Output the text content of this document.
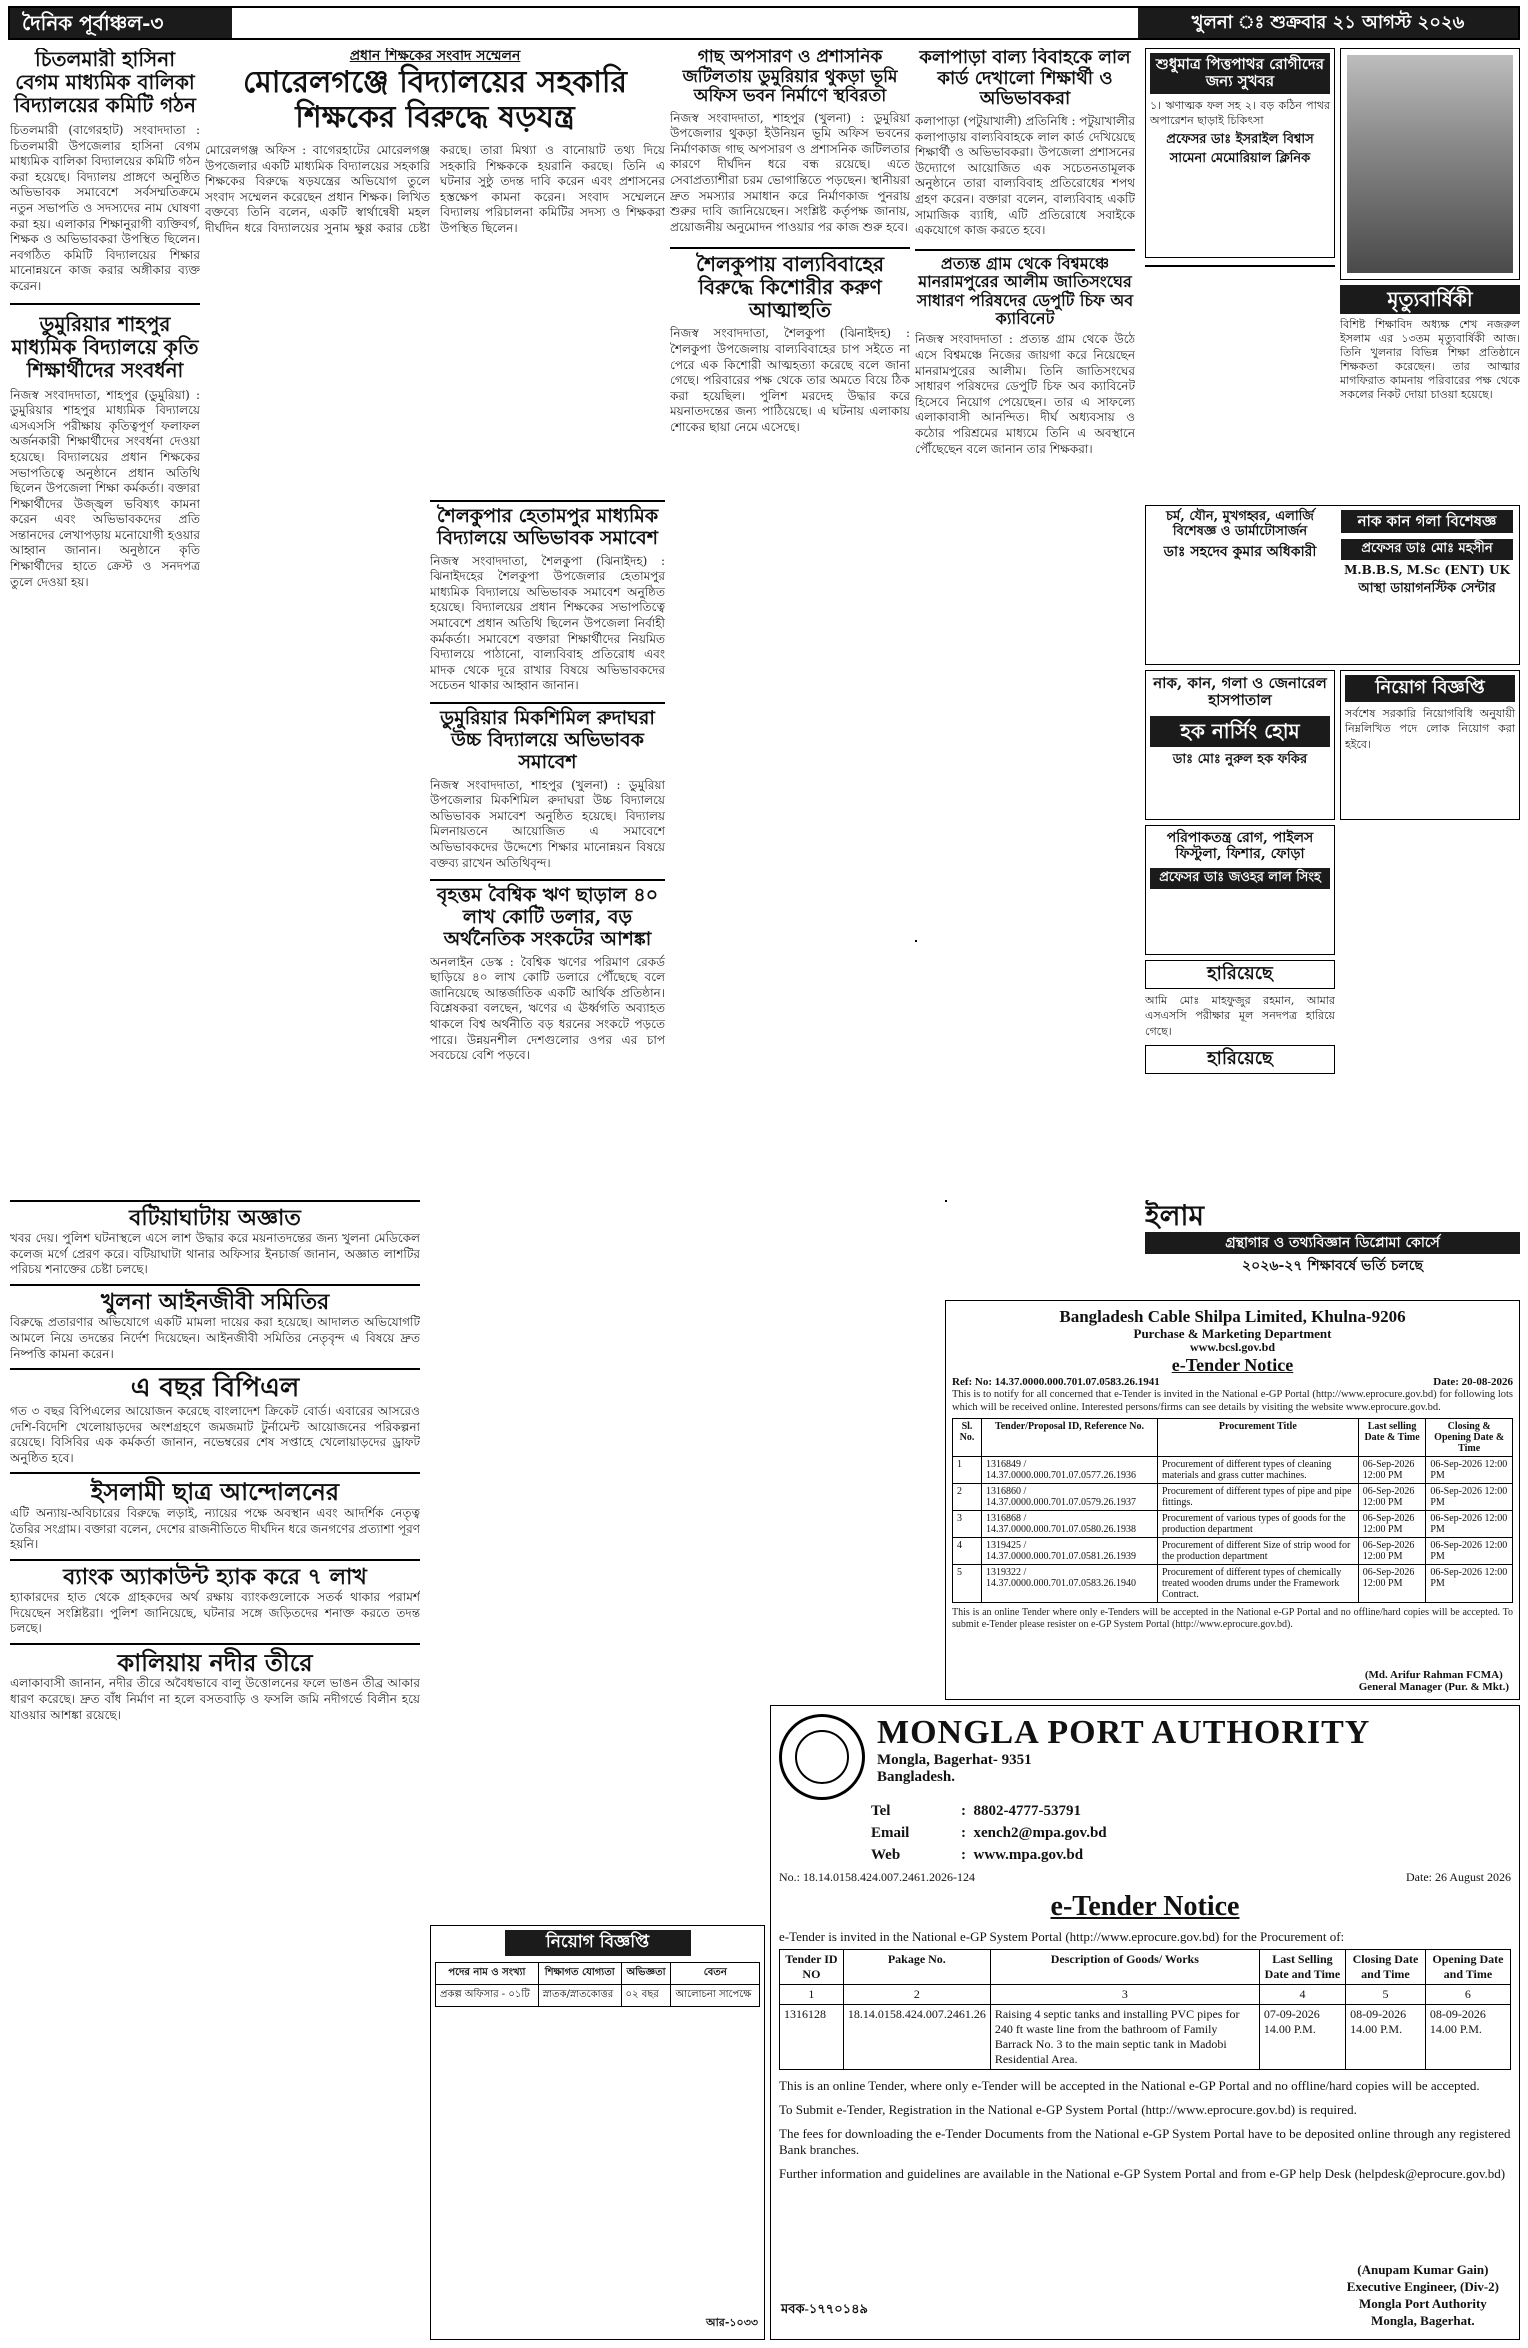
দৈনিক পূর্বাঞ্চল-৩	খুলনা ঃ শুক্রবার ২১ আগস্ট ২০২৬
চিতলমারী হাসিনা বেগম মাধ্যমিক বালিকা বিদ্যালয়ের কমিটি গঠন
চিতলমারী (বাগেরহাট) সংবাদদাতা : চিতলমারী উপজেলার হাসিনা বেগম মাধ্যমিক বালিকা বিদ্যালয়ের কমিটি গঠন করা হয়েছে। বিদ্যালয় প্রাঙ্গণে অনুষ্ঠিত অভিভাবক সমাবেশে সর্বসম্মতিক্রমে নতুন সভাপতি ও সদস্যদের নাম ঘোষণা করা হয়। এলাকার শিক্ষানুরাগী ব্যক্তিবর্গ, শিক্ষক ও অভিভাবকরা উপস্থিত ছিলেন। নবগঠিত কমিটি বিদ্যালয়ের শিক্ষার মানোন্নয়নে কাজ করার অঙ্গীকার ব্যক্ত করেন।
ডুমুরিয়ার শাহপুর মাধ্যমিক বিদ্যালয়ে কৃতি শিক্ষার্থীদের সংবর্ধনা
নিজস্ব সংবাদদাতা, শাহপুর (ডুমুরিয়া) : ডুমুরিয়ার শাহপুর মাধ্যমিক বিদ্যালয়ে এসএসসি পরীক্ষায় কৃতিত্বপূর্ণ ফলাফল অর্জনকারী শিক্ষার্থীদের সংবর্ধনা দেওয়া হয়েছে। বিদ্যালয়ের প্রধান শিক্ষকের সভাপতিত্বে অনুষ্ঠানে প্রধান অতিথি ছিলেন উপজেলা শিক্ষা কর্মকর্তা। বক্তারা শিক্ষার্থীদের উজ্জ্বল ভবিষ্যৎ কামনা করেন এবং অভিভাবকদের প্রতি সন্তানদের লেখাপড়ায় মনোযোগী হওয়ার আহ্বান জানান। অনুষ্ঠানে কৃতি শিক্ষার্থীদের হাতে ক্রেস্ট ও সনদপত্র তুলে দেওয়া হয়।
বটিয়াঘাটায় অজ্ঞাত
খবর দেয়। পুলিশ ঘটনাস্থলে এসে লাশ উদ্ধার করে ময়নাতদন্তের জন্য খুলনা মেডিকেল কলেজ মর্গে প্রেরণ করে। বটিয়াঘাটা থানার অফিসার ইনচার্জ জানান, অজ্ঞাত লাশটির পরিচয় শনাক্তের চেষ্টা চলছে।
খুলনা আইনজীবী সমিতির
বিরুদ্ধে প্রতারণার অভিযোগে একটি মামলা দায়ের করা হয়েছে। আদালত অভিযোগটি আমলে নিয়ে তদন্তের নির্দেশ দিয়েছেন। আইনজীবী সমিতির নেতৃবৃন্দ এ বিষয়ে দ্রুত নিষ্পত্তি কামনা করেন।
এ বছর বিপিএল
গত ৩ বছর বিপিএলের আয়োজন করেছে বাংলাদেশ ক্রিকেট বোর্ড। এবারের আসরেও দেশি-বিদেশি খেলোয়াড়দের অংশগ্রহণে জমজমাট টুর্নামেন্ট আয়োজনের পরিকল্পনা রয়েছে। বিসিবির এক কর্মকর্তা জানান, নভেম্বরের শেষ সপ্তাহে খেলোয়াড়দের ড্রাফট অনুষ্ঠিত হবে।
ইসলামী ছাত্র আন্দোলনের
এটি অন্যায়-অবিচারের বিরুদ্ধে লড়াই, ন্যায়ের পক্ষে অবস্থান এবং আদর্শিক নেতৃত্ব তৈরির সংগ্রাম। বক্তারা বলেন, দেশের রাজনীতিতে দীর্ঘদিন ধরে জনগণের প্রত্যাশা পূরণ হয়নি।
ব্যাংক অ্যাকাউন্ট হ্যাক করে ৭ লাখ
হ্যাকারদের হাত থেকে গ্রাহকদের অর্থ রক্ষায় ব্যাংকগুলোকে সতর্ক থাকার পরামর্শ দিয়েছেন সংশ্লিষ্টরা। পুলিশ জানিয়েছে, ঘটনার সঙ্গে জড়িতদের শনাক্ত করতে তদন্ত চলছে।
কালিয়ায় নদীর তীরে
এলাকাবাসী জানান, নদীর তীরে অবৈধভাবে বালু উত্তোলনের ফলে ভাঙন তীব্র আকার ধারণ করেছে। দ্রুত বাঁধ নির্মাণ না হলে বসতবাড়ি ও ফসলি জমি নদীগর্ভে বিলীন হয়ে যাওয়ার আশঙ্কা রয়েছে।
প্রধান শিক্ষকের সংবাদ সম্মেলন
মোরেলগঞ্জে বিদ্যালয়ের সহকারি শিক্ষকের বিরুদ্ধে ষড়যন্ত্র
মোরেলগঞ্জ অফিস : বাগেরহাটের মোরেলগঞ্জ উপজেলার একটি মাধ্যমিক বিদ্যালয়ের সহকারি শিক্ষকের বিরুদ্ধে ষড়যন্ত্রের অভিযোগ তুলে সংবাদ সম্মেলন করেছেন প্রধান শিক্ষক। লিখিত বক্তব্যে তিনি বলেন, একটি স্বার্থান্বেষী মহল দীর্ঘদিন ধরে বিদ্যালয়ের সুনাম ক্ষুণ্ণ করার চেষ্টা করছে। তারা মিথ্যা ও বানোয়াট তথ্য দিয়ে সহকারি শিক্ষককে হয়রানি করছে। তিনি এ ঘটনার সুষ্ঠু তদন্ত দাবি করেন এবং প্রশাসনের হস্তক্ষেপ কামনা করেন। সংবাদ সম্মেলনে বিদ্যালয় পরিচালনা কমিটির সদস্য ও শিক্ষকরা উপস্থিত ছিলেন।
শৈলকুপার হেতামপুর মাধ্যমিক বিদ্যালয়ে অভিভাবক সমাবেশ
নিজস্ব সংবাদদাতা, শৈলকুপা (ঝিনাইদহ) : ঝিনাইদহের শৈলকুপা উপজেলার হেতামপুর মাধ্যমিক বিদ্যালয়ে অভিভাবক সমাবেশ অনুষ্ঠিত হয়েছে। বিদ্যালয়ের প্রধান শিক্ষকের সভাপতিত্বে সমাবেশে প্রধান অতিথি ছিলেন উপজেলা নির্বাহী কর্মকর্তা। সমাবেশে বক্তারা শিক্ষার্থীদের নিয়মিত বিদ্যালয়ে পাঠানো, বাল্যবিবাহ প্রতিরোধ এবং মাদক থেকে দূরে রাখার বিষয়ে অভিভাবকদের সচেতন থাকার আহ্বান জানান।
ডুমুরিয়ার মিকশিমিল রুদাঘরা উচ্চ বিদ্যালয়ে অভিভাবক সমাবেশ
নিজস্ব সংবাদদাতা, শাহপুর (খুলনা) : ডুমুরিয়া উপজেলার মিকশিমিল রুদাঘরা উচ্চ বিদ্যালয়ে অভিভাবক সমাবেশ অনুষ্ঠিত হয়েছে। বিদ্যালয় মিলনায়তনে আয়োজিত এ সমাবেশে অভিভাবকদের উদ্দেশ্যে শিক্ষার মানোন্নয়ন বিষয়ে বক্তব্য রাখেন অতিথিবৃন্দ।
বৃহত্তম বৈশ্বিক ঋণ ছাড়াল ৪০ লাখ কোটি ডলার, বড় অর্থনৈতিক সংকটের আশঙ্কা
অনলাইন ডেস্ক : বৈশ্বিক ঋণের পরিমাণ রেকর্ড ছাড়িয়ে ৪০ লাখ কোটি ডলারে পৌঁছেছে বলে জানিয়েছে আন্তর্জাতিক একটি আর্থিক প্রতিষ্ঠান। বিশ্লেষকরা বলছেন, ঋণের এ ঊর্ধ্বগতি অব্যাহত থাকলে বিশ্ব অর্থনীতি বড় ধরনের সংকটে পড়তে পারে। উন্নয়নশীল দেশগুলোর ওপর এর চাপ সবচেয়ে বেশি পড়বে।
গাছ অপসারণ ও প্রশাসনিক জটিলতায় ডুমুরিয়ার থুকড়া ভূমি অফিস ভবন নির্মাণে স্থবিরতা
নিজস্ব সংবাদদাতা, শাহপুর (খুলনা) : ডুমুরিয়া উপজেলার থুকড়া ইউনিয়ন ভূমি অফিস ভবনের নির্মাণকাজ গাছ অপসারণ ও প্রশাসনিক জটিলতার কারণে দীর্ঘদিন ধরে বন্ধ রয়েছে। এতে সেবাপ্রত্যাশীরা চরম ভোগান্তিতে পড়ছেন। স্থানীয়রা দ্রুত সমস্যার সমাধান করে নির্মাণকাজ পুনরায় শুরুর দাবি জানিয়েছেন। সংশ্লিষ্ট কর্তৃপক্ষ জানায়, প্রয়োজনীয় অনুমোদন পাওয়ার পর কাজ শুরু হবে।
শৈলকুপায় বাল্যবিবাহের বিরুদ্ধে কিশোরীর করুণ আত্মাহুতি
নিজস্ব সংবাদদাতা, শৈলকুপা (ঝিনাইদহ) : শৈলকুপা উপজেলায় বাল্যবিবাহের চাপ সইতে না পেরে এক কিশোরী আত্মহত্যা করেছে বলে জানা গেছে। পরিবারের পক্ষ থেকে তার অমতে বিয়ে ঠিক করা হয়েছিল। পুলিশ মরদেহ উদ্ধার করে ময়নাতদন্তের জন্য পাঠিয়েছে। এ ঘটনায় এলাকায় শোকের ছায়া নেমে এসেছে।
কলাপাড়া বাল্য বিবাহকে লাল কার্ড দেখালো শিক্ষার্থী ও অভিভাবকরা
কলাপাড়া (পটুয়াখালী) প্রতিনিধি : পটুয়াখালীর কলাপাড়ায় বাল্যবিবাহকে লাল কার্ড দেখিয়েছে শিক্ষার্থী ও অভিভাবকরা। উপজেলা প্রশাসনের উদ্যোগে আয়োজিত এক সচেতনতামূলক অনুষ্ঠানে তারা বাল্যবিবাহ প্রতিরোধের শপথ গ্রহণ করেন। বক্তারা বলেন, বাল্যবিবাহ একটি সামাজিক ব্যাধি, এটি প্রতিরোধে সবাইকে একযোগে কাজ করতে হবে।
প্রত্যন্ত গ্রাম থেকে বিশ্বমঞ্চে মানরামপুরের আলীম জাতিসংঘের সাধারণ পরিষদের ডেপুটি চিফ অব ক্যাবিনেট
নিজস্ব সংবাদদাতা : প্রত্যন্ত গ্রাম থেকে উঠে এসে বিশ্বমঞ্চে নিজের জায়গা করে নিয়েছেন মানরামপুরের আলীম। তিনি জাতিসংঘের সাধারণ পরিষদের ডেপুটি চিফ অব ক্যাবিনেট হিসেবে নিয়োগ পেয়েছেন। তার এ সাফল্যে এলাকাবাসী আনন্দিত। দীর্ঘ অধ্যবসায় ও কঠোর পরিশ্রমের মাধ্যমে তিনি এ অবস্থানে পৌঁছেছেন বলে জানান তার শিক্ষকরা।
শুধুমাত্র পিত্তপাথর রোগীদের জন্য সুখবর
১। ঋণাত্মক ফল সহ ২। বড় কঠিন পাথর অপারেশন ছাড়াই চিকিৎসা
প্রফেসর ডাঃ ইসরাইল বিশ্বাস
সামেনা মেমোরিয়াল ক্লিনিক
মৃত্যুবার্ষিকী
বিশিষ্ট শিক্ষাবিদ অধ্যক্ষ শেখ নজরুল ইসলাম এর ১৩তম মৃত্যুবার্ষিকী আজ। তিনি খুলনার বিভিন্ন শিক্ষা প্রতিষ্ঠানে শিক্ষকতা করেছেন। তার আত্মার মাগফিরাত কামনায় পরিবারের পক্ষ থেকে সকলের নিকট দোয়া চাওয়া হয়েছে।
চর্ম, যৌন, মুখগহ্বর, এলার্জি বিশেষজ্ঞ ও ডার্মাটোসার্জন
ডাঃ সহদেব কুমার অধিকারী
নাক কান গলা বিশেষজ্ঞ
প্রফেসর ডাঃ মোঃ মহসীন
M.B.B.S, M.Sc (ENT) UK
আস্থা ডায়াগনস্টিক সেন্টার
নাক, কান, গলা ও জেনারেল হাসপাতাল
হক নার্সিং হোম
ডাঃ মোঃ নুরুল হক ফকির
নিয়োগ বিজ্ঞপ্তি
সর্বশেষ সরকারি নিয়োগবিধি অনুযায়ী নিম্নলিখিত পদে লোক নিয়োগ করা হইবে।
পরিপাকতন্ত্র রোগ, পাইলস ফিস্টুলা, ফিশার, ফোড়া
প্রফেসর ডাঃ জওহর লাল সিংহ
ইলাম
গ্রন্থাগার ও তথ্যবিজ্ঞান ডিপ্লোমা কোর্সে
২০২৬-২৭ শিক্ষাবর্ষে ভর্তি চলছে
হারিয়েছে
আমি মোঃ মাহফুজুর রহমান, আমার এসএসসি পরীক্ষার মূল সনদপত্র হারিয়ে গেছে।
হারিয়েছে
Bangladesh Cable Shilpa Limited, Khulna-9206
Purchase & Marketing Department
www.bcsl.gov.bd
e-Tender Notice
Ref: No: 14.37.0000.000.701.07.0583.26.1941	Date: 20-08-2026
This is to notify for all concerned that e-Tender is invited in the National e-GP Portal (http://www.eprocure.gov.bd) for following lots which will be received online. Interested persons/firms can see details by visiting the website www.eprocure.gov.bd.
Sl. No.	Tender/Proposal ID, Reference No.	Procurement Title	Last selling Date & Time	Closing & Opening Date & Time
1	1316849 / 14.37.0000.000.701.07.0577.26.1936	Procurement of different types of cleaning materials and grass cutter machines.	06-Sep-2026 12:00 PM	06-Sep-2026 12:00 PM
2	1316860 / 14.37.0000.000.701.07.0579.26.1937	Procurement of different types of pipe and pipe fittings.	06-Sep-2026 12:00 PM	06-Sep-2026 12:00 PM
3	1316868 / 14.37.0000.000.701.07.0580.26.1938	Procurement of various types of goods for the production department	06-Sep-2026 12:00 PM	06-Sep-2026 12:00 PM
4	1319425 / 14.37.0000.000.701.07.0581.26.1939	Procurement of different Size of strip wood for the production department	06-Sep-2026 12:00 PM	06-Sep-2026 12:00 PM
5	1319322 / 14.37.0000.000.701.07.0583.26.1940	Procurement of different types of chemically treated wooden drums under the Framework Contract.	06-Sep-2026 12:00 PM	06-Sep-2026 12:00 PM
This is an online Tender where only e-Tenders will be accepted in the National e-GP Portal and no offline/hard copies will be accepted. To submit e-Tender please resister on e-GP System Portal (http://www.eprocure.gov.bd).
(Md. Arifur Rahman FCMA)
General Manager (Pur. & Mkt.)
MONGLA PORT AUTHORITY
Mongla, Bagerhat- 9351
Bangladesh.
Tel	:  8802-4777-53791
Email	:  xench2@mpa.gov.bd
Web	:  www.mpa.gov.bd
No.: 18.14.0158.424.007.2461.2026-124	Date: 26 August 2026
e-Tender Notice
e-Tender is invited in the National e-GP System Portal (http://www.eprocure.gov.bd) for the Procurement of:
Tender ID NO	Pakage No.	Description of Goods/ Works	Last Selling Date and Time	Closing Date and Time	Opening Date and Time
1	2	3	4	5	6
1316128	18.14.0158.424.007.2461.26	Raising 4 septic tanks and installing PVC pipes for 240 ft waste line from the bathroom of Family Barrack No. 3 to the main septic tank in Madobi Residential Area.	07-09-2026 14.00 P.M.	08-09-2026 14.00 P.M.	08-09-2026 14.00 P.M.
This is an online Tender, where only e-Tender will be accepted in the National e-GP Portal and no offline/hard copies will be accepted.
To Submit e-Tender, Registration in the National e-GP System Portal (http://www.eprocure.gov.bd) is required.
The fees for downloading the e-Tender Documents from the National e-GP System Portal have to be deposited online through any registered Bank branches.
Further information and guidelines are available in the National e-GP System Portal and from e-GP help Desk (helpdesk@eprocure.gov.bd)
মবক-১৭৭০১৪৯
(Anupam Kumar Gain)
Executive Engineer, (Div-2)
Mongla Port Authority
Mongla, Bagerhat.
নিয়োগ বিজ্ঞপ্তি
পদের নাম ও সংখ্যা	শিক্ষাগত যোগ্যতা	অভিজ্ঞতা	বেতন
প্রকল্প অফিসার - ০১টি	স্নাতক/স্নাতকোত্তর	০২ বছর	আলোচনা সাপেক্ষে
আর-১০৩৩
